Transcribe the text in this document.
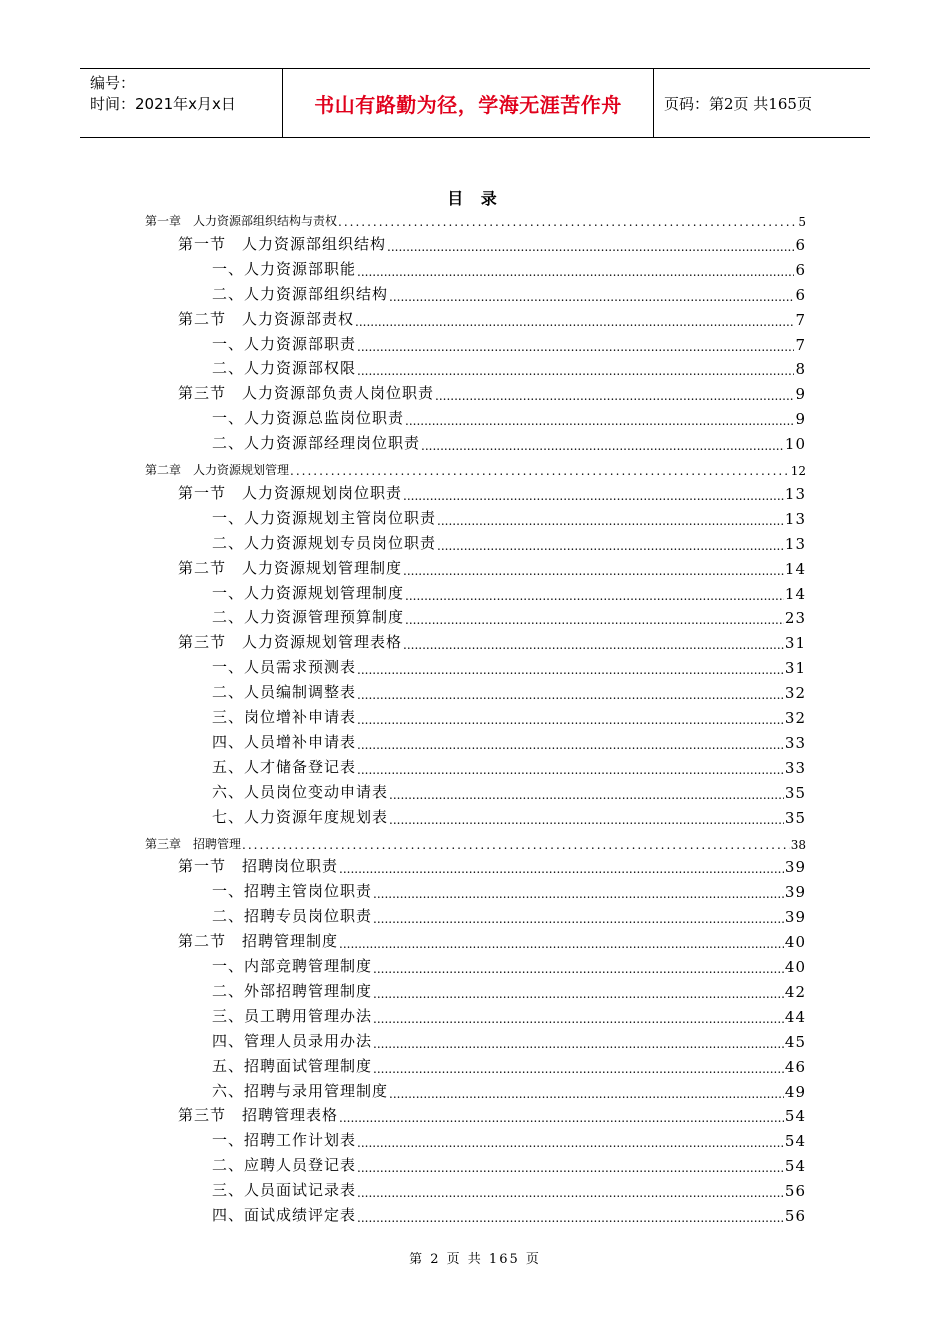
编号：
时间：2021年x月x日	书山有路勤为径，学海无涯苦作舟	页码：第2页 共165页
目 录
第一章　人力资源部组织结构与责权 .....	5
第一节　人力资源部组织结构 .....	6
一、人力资源部职能 .....	6
二、人力资源部组织结构 .....	6
第二节　人力资源部责权 .....	7
一、人力资源部职责 .....	7
二、人力资源部权限 .....	8
第三节　人力资源部负责人岗位职责 .....	9
一、人力资源总监岗位职责 .....	9
二、人力资源部经理岗位职责 .....	10
第二章　人力资源规划管理 .....	12
第一节　人力资源规划岗位职责 .....	13
一、人力资源规划主管岗位职责 .....	13
二、人力资源规划专员岗位职责 .....	13
第二节　人力资源规划管理制度 .....	14
一、人力资源规划管理制度 .....	14
二、人力资源管理预算制度 .....	23
第三节　人力资源规划管理表格 .....	31
一、人员需求预测表 .....	31
二、人员编制调整表 .....	32
三、岗位增补申请表 .....	32
四、人员增补申请表 .....	33
五、人才储备登记表 .....	33
六、人员岗位变动申请表 .....	35
七、人力资源年度规划表 .....	35
第三章　招聘管理 .....	38
第一节　招聘岗位职责 .....	39
一、招聘主管岗位职责 .....	39
二、招聘专员岗位职责 .....	39
第二节　招聘管理制度 .....	40
一、内部竞聘管理制度 .....	40
二、外部招聘管理制度 .....	42
三、员工聘用管理办法 .....	44
四、管理人员录用办法 .....	45
五、招聘面试管理制度 .....	46
六、招聘与录用管理制度 .....	49
第三节　招聘管理表格 .....	54
一、招聘工作计划表 .....	54
二、应聘人员登记表 .....	54
三、人员面试记录表 .....	56
四、面试成绩评定表 .....	56
第 2 页 共 165 页
